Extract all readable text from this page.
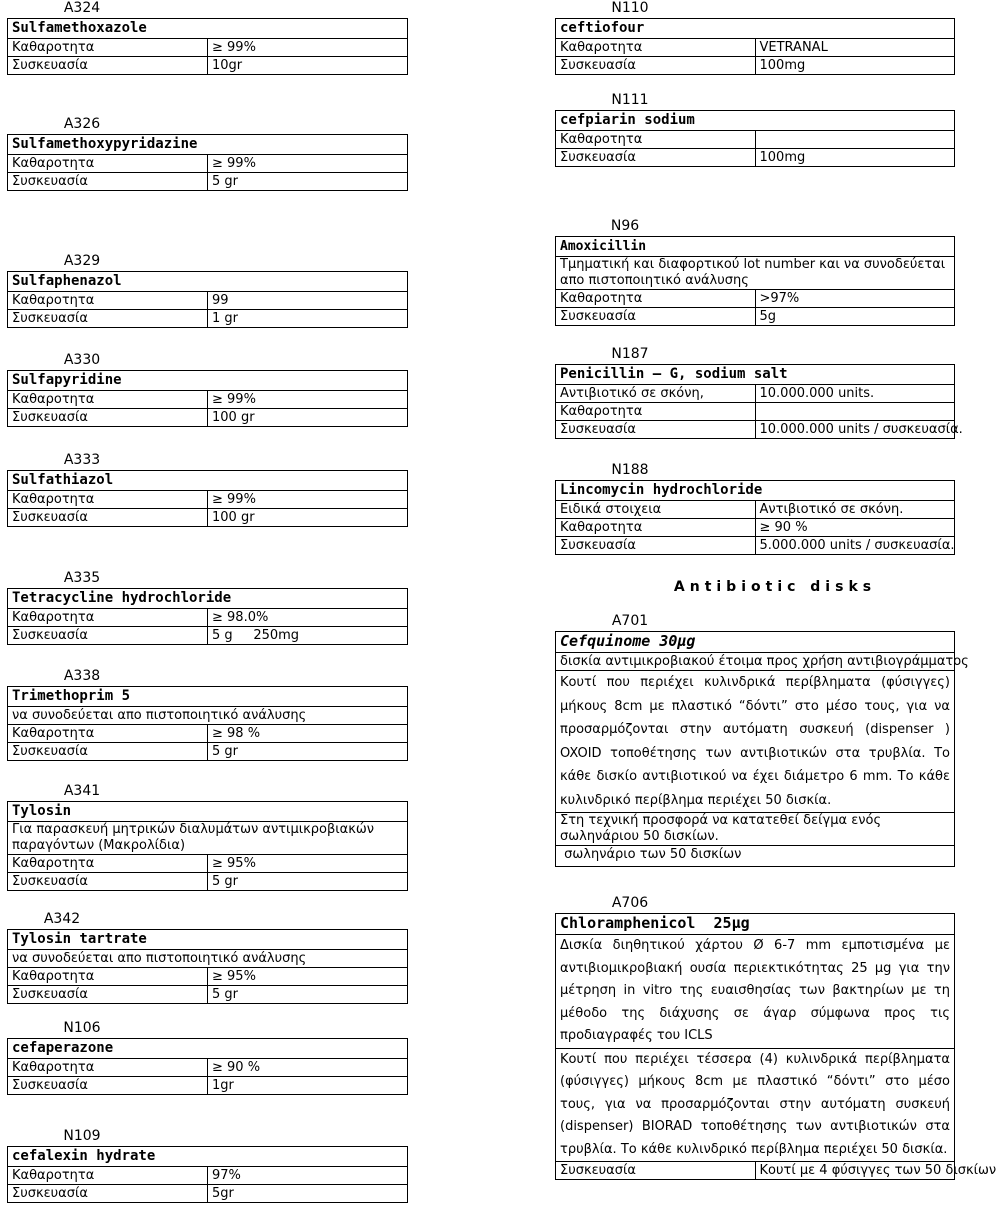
A324
Sulfamethoxazole	
Καθαροτητα	≥ 99%
Συσκευασία	10gr
A326
Sulfamethoxypyridazine	
Καθαροτητα	≥ 99%
Συσκευασία	5 gr
A329
Sulfaphenazol	
Καθαροτητα	99
Συσκευασία	1 gr
A330
Sulfapyridine	
Καθαροτητα	≥ 99%
Συσκευασία	100 gr
A333
Sulfathiazol	
Καθαροτητα	≥ 99%
Συσκευασία	100 gr
A335
Tetracycline hydrochloride	
Καθαροτητα	≥ 98.0%
Συσκευασία	5 g     250mg
A338
Trimethoprim 5	
να συνοδεύεται απο πιστοποιητικό ανάλυσης	
Καθαροτητα	≥ 98 %
Συσκευασία	5 gr
A341
Tylosin	
Για παρασκευή μητρικών διαλυμάτων αντιμικροβιακών παραγόντων (Μακρολίδια)	
Καθαροτητα	≥ 95%
Συσκευασία	5 gr
A342
Tylosin tartrate	
να συνοδεύεται απο πιστοποιητικό ανάλυσης	
Καθαροτητα	≥ 95%
Συσκευασία	5 gr
N106
cefaperazone	
Καθαροτητα	≥ 90 %
Συσκευασία	1gr
N109
cefalexin hydrate	
Καθαροτητα	97%
Συσκευασία	5gr
N110
ceftiofour	
Καθαροτητα	VETRANAL
Συσκευασία	100mg
N111
cefpiarin sodium	
Καθαροτητα	
Συσκευασία	100mg
N96
Amoxicillin	
Τμηματική και διαφορτικού lot number και να συνοδεύεται απο πιστοποιητικό ανάλυσης	
Καθαροτητα	>97%
Συσκευασία	5g
N187
Penicillin – G, sodium salt	
Αντιβιοτικό σε σκόνη,	10.000.000 units.
Καθαροτητα	
Συσκευασία	10.000.000 units / συσκευασία.
N188
Lincomycin hydrochloride	
Ειδικά στοιχεια	Αντιβιοτικό σε σκόνη.
Καθαροτητα	≥ 90 %
Συσκευασία	5.000.000 units / συσκευασία.
Antibiotic disks
A701
Cefquinome 30μg
δισκία αντιμικροβιακού έτοιμα προς χρήση αντιβιογράμματος
Κουτί που περιέχει κυλινδρικά περίβληματα (φύσιγγες) μήκους 8cm με πλαστικό “δόντι” στο μέσο τους, για να προσαρμόζονται στην αυτόματη συσκευή (dispenser ) OXOID τοποθέτησης των αντιβιοτικών στα τρυβλία. Το κάθε δισκίο αντιβιοτικού να έχει διάμετρο 6 mm. Το κάθε κυλινδρικό περίβλημα περιέχει 50 δισκία.
Στη τεχνική προσφορά να κατατεθεί δείγμα ενός σωληνάριου 50 δισκίων.
σωληνάριο των 50 δισκίων
A706
Chloramphenicol  25μg
Δισκία διηθητικού χάρτου Ø 6-7 mm εμποτισμένα με αντιβιομικροβιακή ουσία περιεκτικότητας 25 μg για την μέτρηση in vitro της ευαισθησίας των βακτηρίων με τη μέθοδο της διάχυσης σε άγαρ σύμφωνα προς τις προδιαγραφές του ICLS
Κουτί που περιέχει τέσσερα (4) κυλινδρικά περίβληματα (φύσιγγες) μήκους 8cm με πλαστικό “δόντι” στο μέσο τους, για να προσαρμόζονται στην αυτόματη συσκευή (dispenser) BIORAD τοποθέτησης των αντιβιοτικών στα τρυβλία. Το κάθε κυλινδρικό περίβλημα περιέχει 50 δισκία.
Συσκευασία	Κουτί με 4 φύσιγγες των 50 δισκίων
